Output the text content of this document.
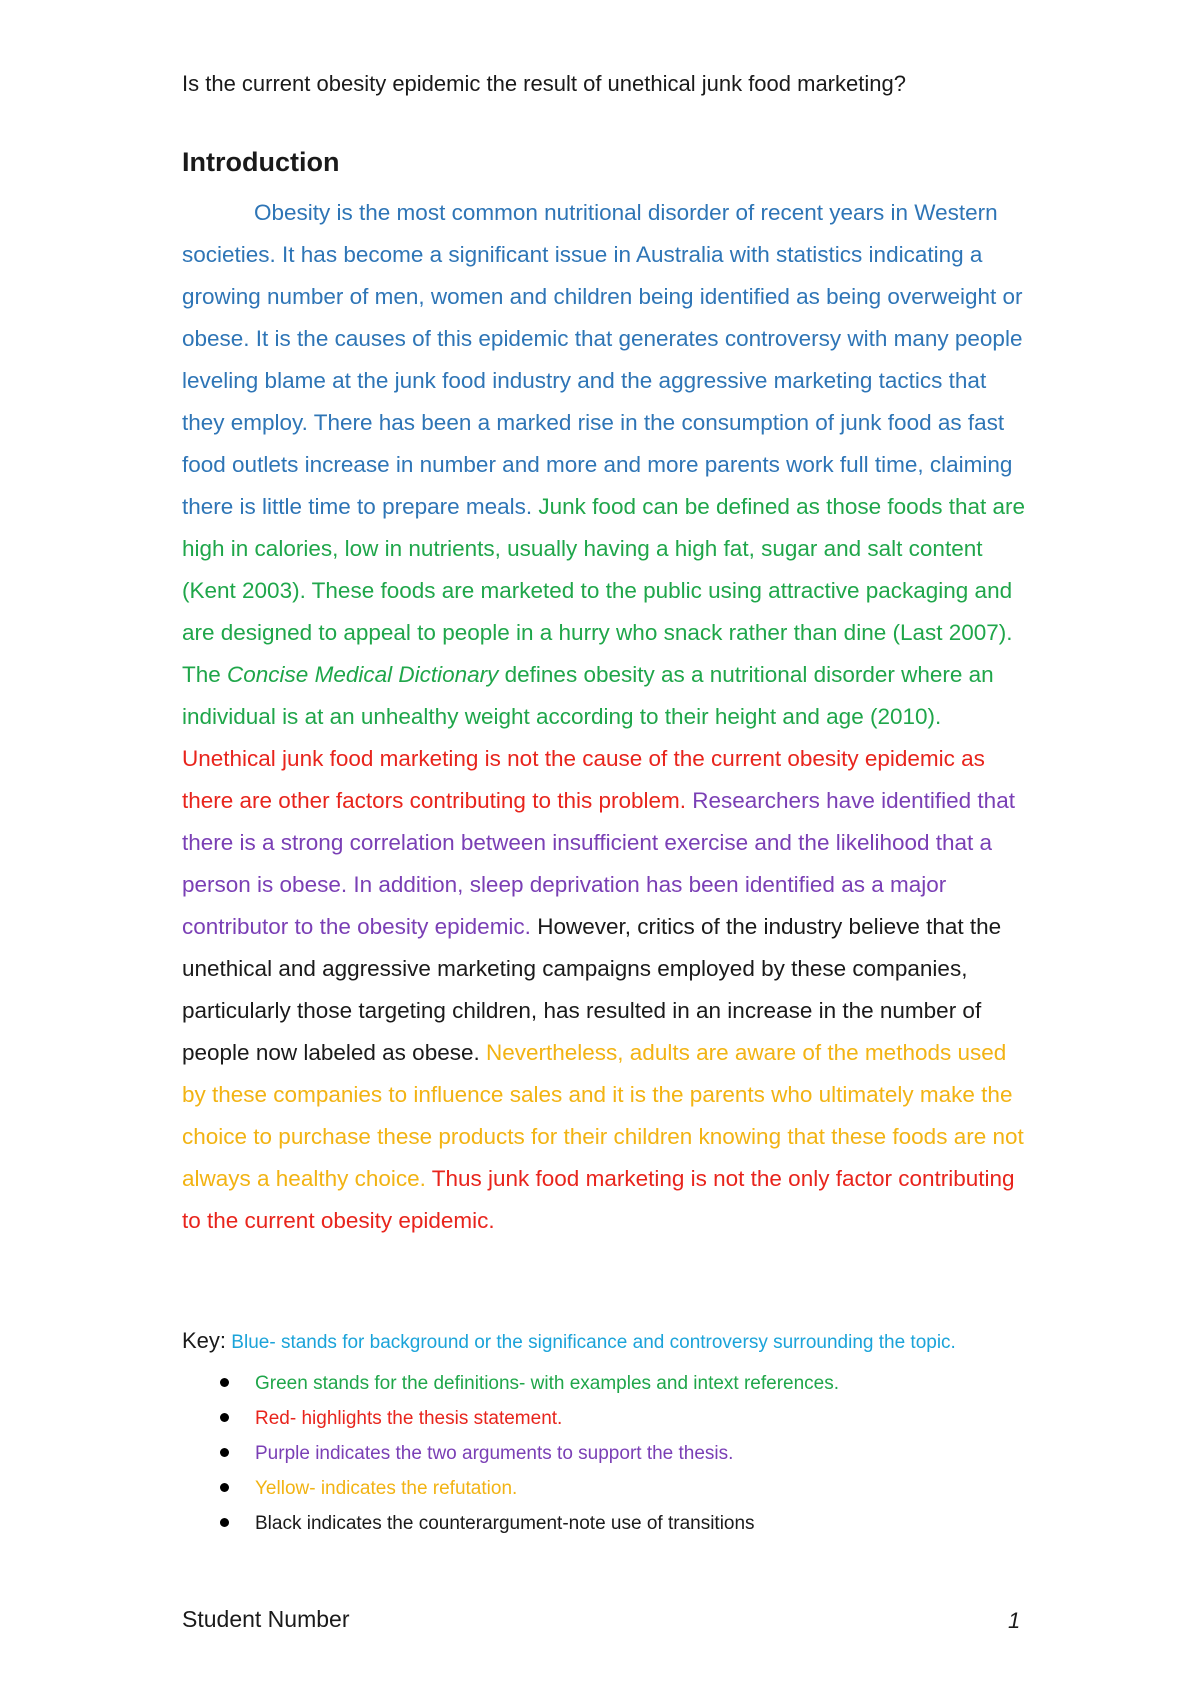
Is the current obesity epidemic the result of unethical junk food marketing?
Introduction

Obesity is the most common nutritional disorder of recent years in Western societies. It has become a significant issue in Australia with statistics indicating a growing number of men, women and children being identified as being overweight or obese. It is the causes of this epidemic that generates controversy with many people leveling blame at the junk food industry and the aggressive marketing tactics that they employ. There has been a marked rise in the consumption of junk food as fast food outlets increase in number and more and more parents work full time, claiming there is little time to prepare meals. Junk food can be defined as those foods that are high in calories, low in nutrients, usually having a high fat, sugar and salt content (Kent 2003). These foods are marketed to the public using attractive packaging and are designed to appeal to people in a hurry who snack rather than dine (Last 2007). The Concise Medical Dictionary defines obesity as a nutritional disorder where an individual is at an unhealthy weight according to their height and age (2010). Unethical junk food marketing is not the cause of the current obesity epidemic as there are other factors contributing to this problem. Researchers have identified that there is a strong correlation between insufficient exercise and the likelihood that a person is obese. In addition, sleep deprivation has been identified as a major contributor to the obesity epidemic. However, critics of the industry believe that the unethical and aggressive marketing campaigns employed by these companies, particularly those targeting children, has resulted in an increase in the number of people now labeled as obese. Nevertheless, adults are aware of the methods used by these companies to influence sales and it is the parents who ultimately make the choice to purchase these products for their children knowing that these foods are not always a healthy choice. Thus junk food marketing is not the only factor contributing to the current obesity epidemic.

Key: Blue- stands for background or the significance and controversy surrounding the topic.
Green stands for the definitions- with examples and intext references.
Red- highlights the thesis statement.
Purple indicates the two arguments to support the thesis.
Yellow- indicates the refutation.
Black indicates the counterargument-note use of transitions
Student Number	1
